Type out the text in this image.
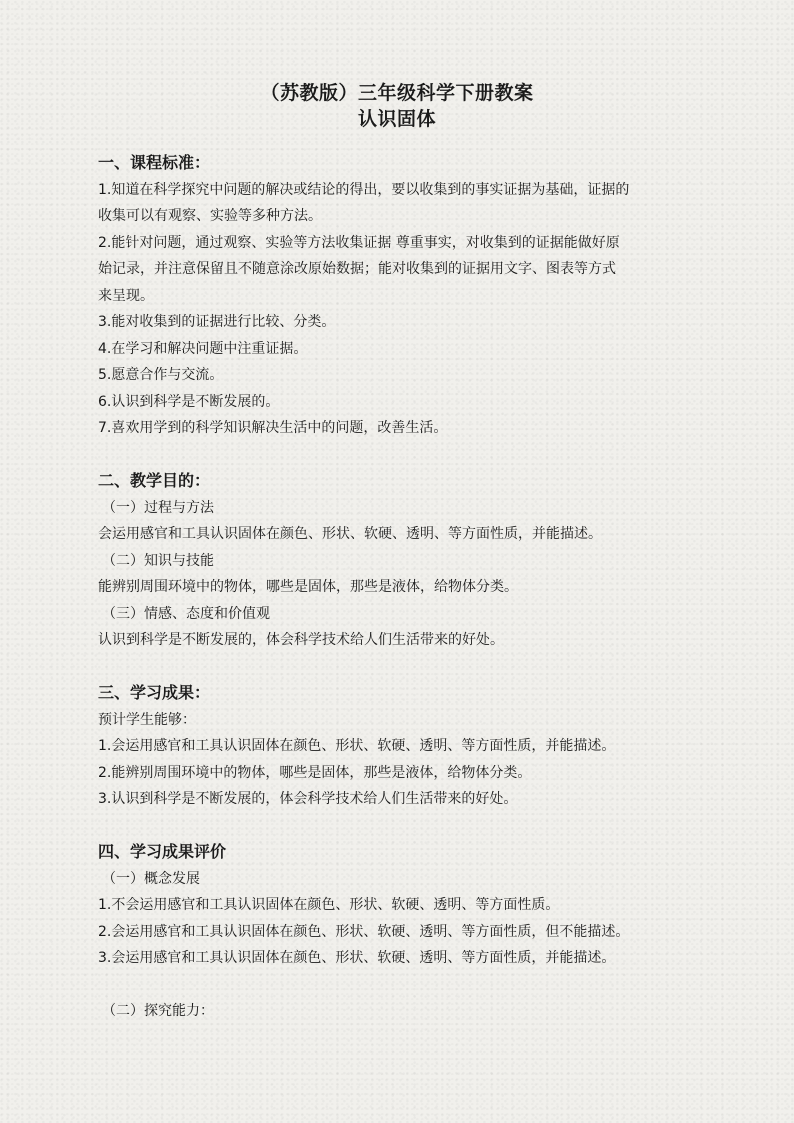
（苏教版）三年级科学下册教案
认识固体

一、课程标准：

1.知道在科学探究中问题的解决或结论的得出，要以收集到的事实证据为基础，证据的

收集可以有观察、实验等多种方法。

2.能针对问题，通过观察、实验等方法收集证据 尊重事实，对收集到的证据能做好原

始记录，并注意保留且不随意涂改原始数据；能对收集到的证据用文字、图表等方式

来呈现。

3.能对收集到的证据进行比较、分类。

4.在学习和解决问题中注重证据。

5.愿意合作与交流。

6.认识到科学是不断发展的。

7.喜欢用学到的科学知识解决生活中的问题，改善生活。

二、教学目的：

（一）过程与方法

会运用感官和工具认识固体在颜色、形状、软硬、透明、等方面性质，并能描述。

（二）知识与技能

能辨别周围环境中的物体，哪些是固体，那些是液体，给物体分类。

（三）情感、态度和价值观

认识到科学是不断发展的，体会科学技术给人们生活带来的好处。

三、学习成果：

预计学生能够：

1.会运用感官和工具认识固体在颜色、形状、软硬、透明、等方面性质，并能描述。

2.能辨别周围环境中的物体，哪些是固体，那些是液体，给物体分类。

3.认识到科学是不断发展的，体会科学技术给人们生活带来的好处。

四、学习成果评价

（一）概念发展

1.不会运用感官和工具认识固体在颜色、形状、软硬、透明、等方面性质。

2.会运用感官和工具认识固体在颜色、形状、软硬、透明、等方面性质，但不能描述。

3.会运用感官和工具认识固体在颜色、形状、软硬、透明、等方面性质，并能描述。

（二）探究能力：
